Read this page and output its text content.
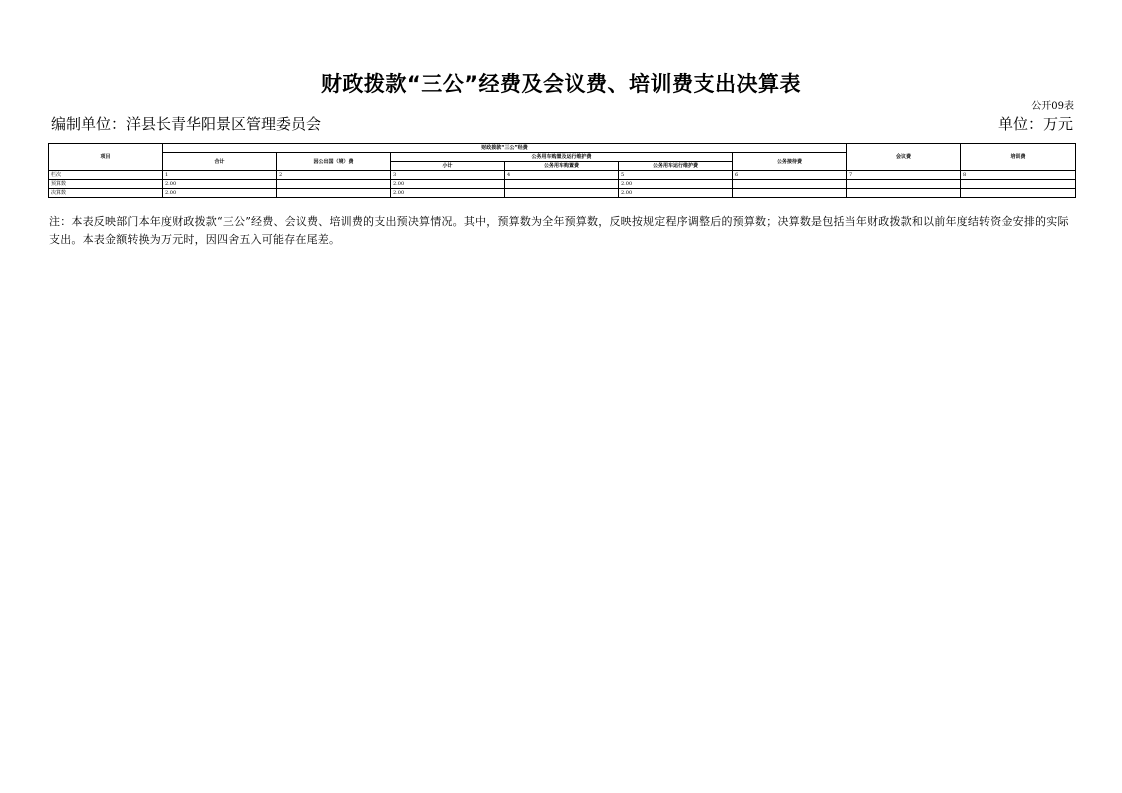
财政拨款“三公”经费及会议费、培训费支出决算表
公开09表
编制单位：洋县长青华阳景区管理委员会	单位：万元
项目	财政拨款“三公”经费						会议费	培训费
	合计	因公出国（境）费	公务用车购置及运行维护费			公务接待费		
			小计	公务用车购置费	公务用车运行维护费			
栏次	1	2	3	4	5	6	7	8
预算数	2.00		2.00		2.00			
决算数	2.00		2.00		2.00			
注：本表反映部门本年度财政拨款“三公”经费、会议费、培训费的支出预决算情况。其中，预算数为全年预算数，反映按规定程序调整后的预算数；决算数是包括当年财政拨款和以前年度结转资金安排的实际支出。本表金额转换为万元时，因四舍五入可能存在尾差。
